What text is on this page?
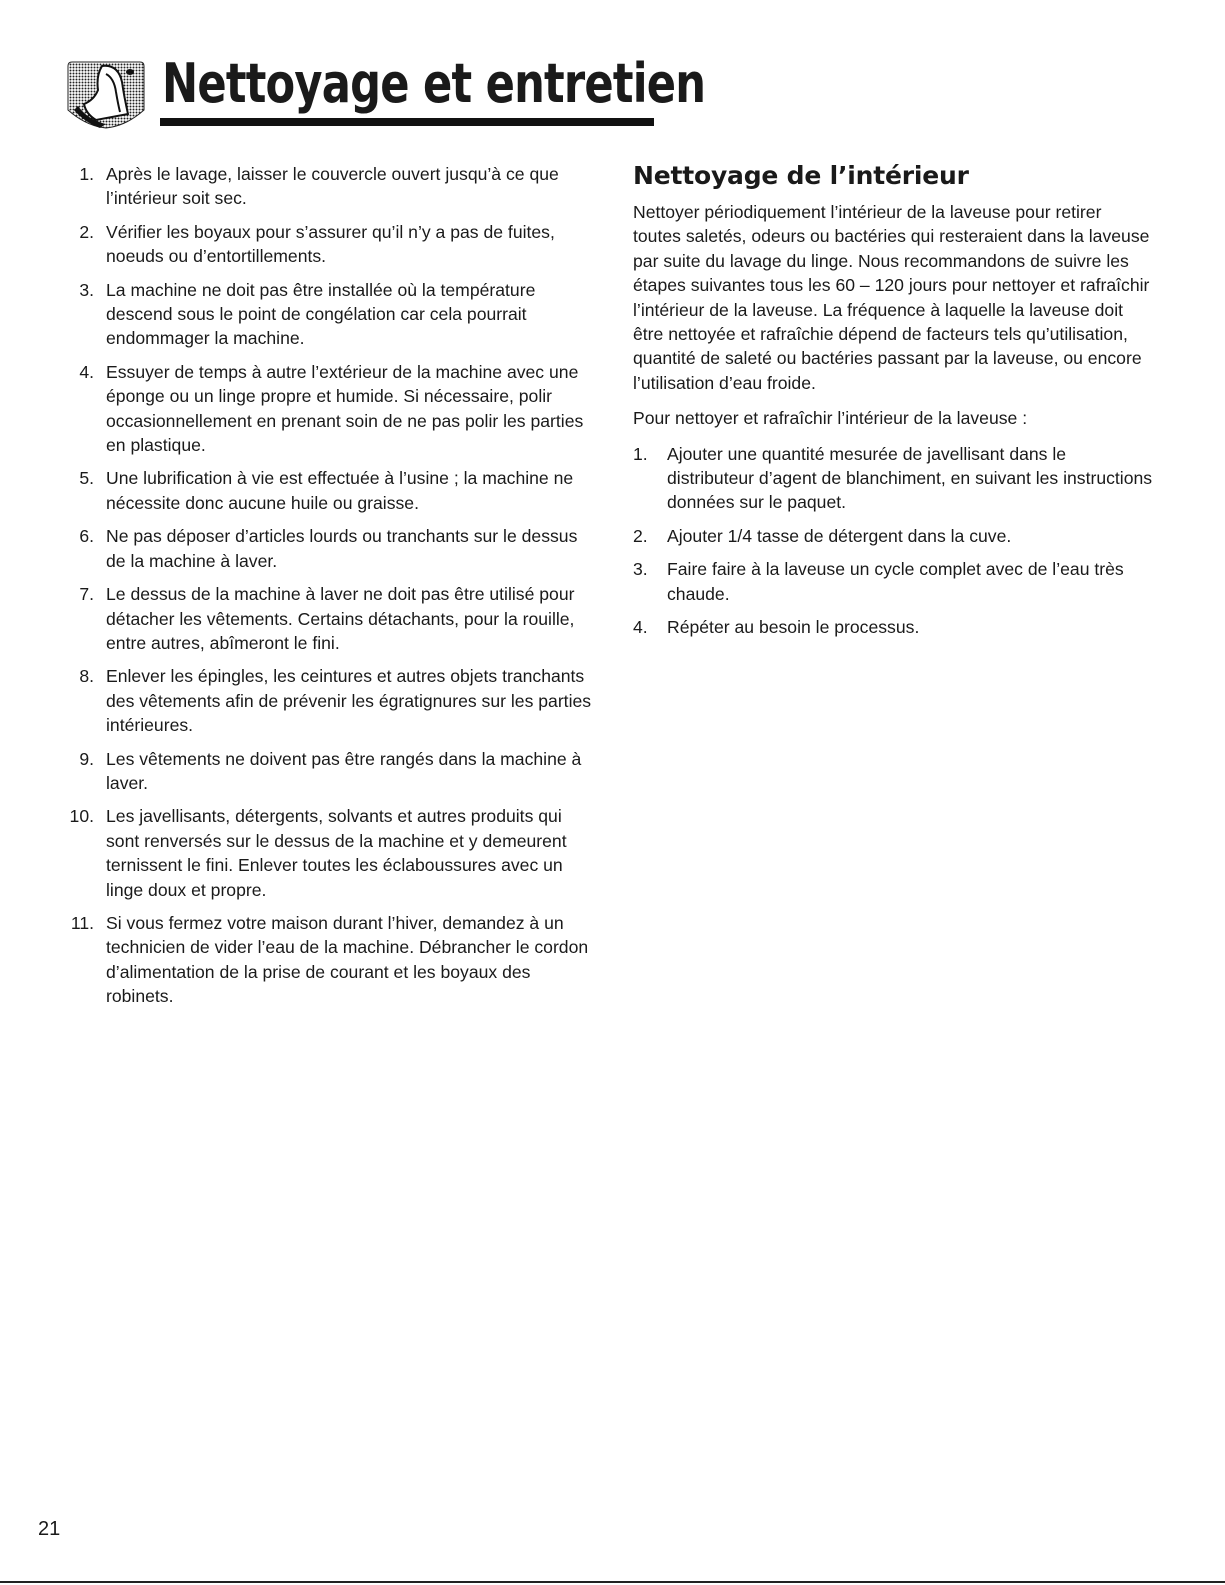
Nettoyage et entretien
1. Après le lavage, laisser le couvercle ouvert jusqu’à ce que l’intérieur soit sec.
2. Vérifier les boyaux pour s’assurer qu’il n’y a pas de fuites, noeuds ou d’entortillements.
3. La machine ne doit pas être installée où la température descend sous le point de congélation car cela pourrait endommager la machine.
4. Essuyer de temps à autre l’extérieur de la machine avec une éponge ou un linge propre et humide. Si nécessaire, polir occasionnellement en prenant soin de ne pas polir les parties en plastique.
5. Une lubrification à vie est effectuée à l’usine ; la machine ne nécessite donc aucune huile ou graisse.
6. Ne pas déposer d’articles lourds ou tranchants sur le dessus de la machine à laver.
7. Le dessus de la machine à laver ne doit pas être utilisé pour détacher les vêtements. Certains détachants, pour la rouille, entre autres, abîmeront le fini.
8. Enlever les épingles, les ceintures et autres objets tranchants des vêtements afin de prévenir les égratignures sur les parties intérieures.
9. Les vêtements ne doivent pas être rangés dans la machine à laver.
10. Les javellisants, détergents, solvants et autres produits qui sont renversés sur le dessus de la machine et y demeurent ternissent le fini. Enlever toutes les éclaboussures avec un linge doux et propre.
11. Si vous fermez votre maison durant l’hiver, demandez à un technicien de vider l’eau de la machine. Débrancher le cordon d’alimentation de la prise de courant et les boyaux des robinets.
Nettoyage de l’intérieur

Nettoyer périodiquement l’intérieur de la laveuse pour retirer toutes saletés, odeurs ou bactéries qui resteraient dans la laveuse par suite du lavage du linge. Nous recommandons de suivre les étapes suivantes tous les 60 – 120 jours pour nettoyer et rafraîchir l’intérieur de la laveuse. La fréquence à laquelle la laveuse doit être nettoyée et rafraîchie dépend de facteurs tels qu’utilisation, quantité de saleté ou bactéries passant par la laveuse, ou encore l’utilisation d’eau froide.

Pour nettoyer et rafraîchir l’intérieur de la laveuse :

1. Ajouter une quantité mesurée de javellisant dans le distributeur d’agent de blanchiment, en suivant les instructions données sur le paquet.
2. Ajouter 1/4 tasse de détergent dans la cuve.
3. Faire faire à la laveuse un cycle complet avec de l’eau très chaude.
4. Répéter au besoin le processus.
21
